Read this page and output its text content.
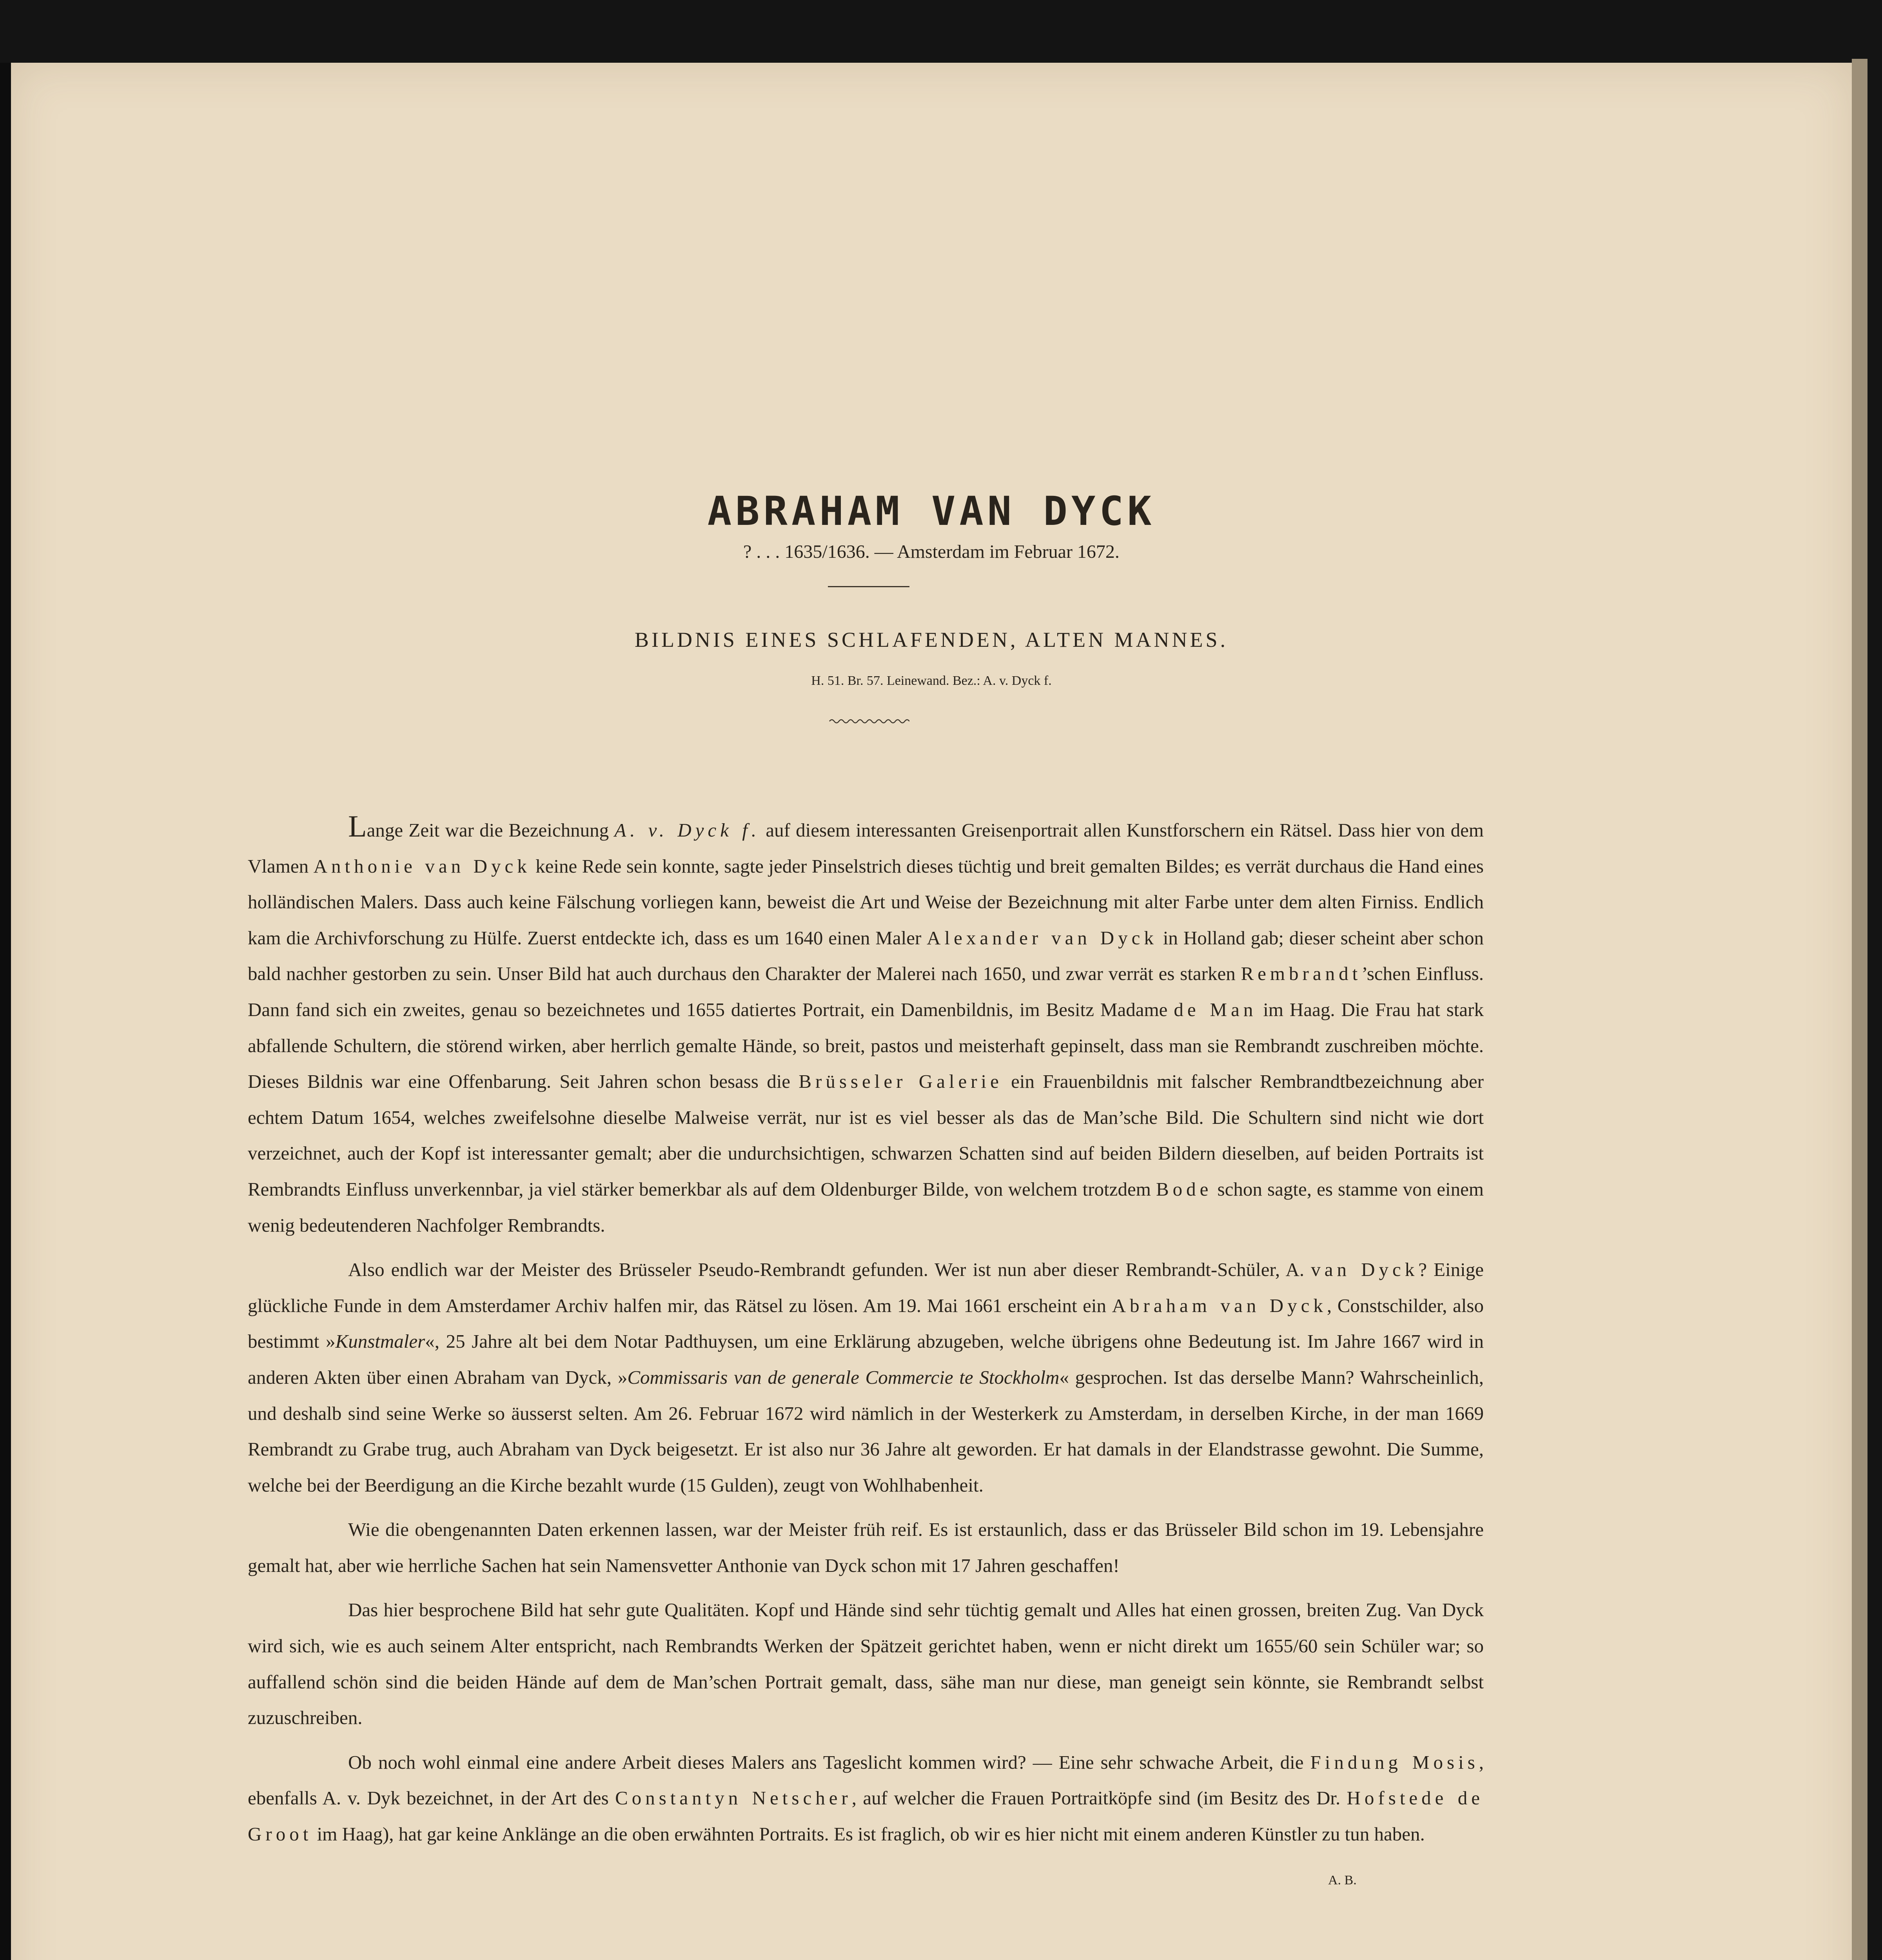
ABRAHAM VAN DYCK
? . . . 1635/1636. — Amsterdam im Februar 1672.
BILDNIS EINES SCHLAFENDEN, ALTEN MANNES.
H. 51. Br. 57. Leinewand. Bez.: A. v. Dyck f.

Lange Zeit war die Bezeichnung A. v. Dyck f. auf diesem interessanten Greisenportrait allen Kunstforschern ein Rätsel. Dass hier von dem Vlamen Anthonie van Dyck keine Rede sein konnte, sagte jeder Pinselstrich dieses tüchtig und breit gemalten Bildes; es verrät durchaus die Hand eines holländischen Malers. Dass auch keine Fälschung vorliegen kann, beweist die Art und Weise der Bezeichnung mit alter Farbe unter dem alten Firniss. Endlich kam die Archivforschung zu Hülfe. Zuerst entdeckte ich, dass es um 1640 einen Maler Alexander van Dyck in Holland gab; dieser scheint aber schon bald nachher gestorben zu sein. Unser Bild hat auch durchaus den Charakter der Malerei nach 1650, und zwar verrät es starken Rembrandt’schen Einfluss. Dann fand sich ein zweites, genau so bezeichnetes und 1655 datiertes Portrait, ein Damenbildnis, im Besitz Madame de Man im Haag. Die Frau hat stark abfallende Schultern, die störend wirken, aber herrlich gemalte Hände, so breit, pastos und meisterhaft gepinselt, dass man sie Rembrandt zuschreiben möchte. Dieses Bildnis war eine Offenbarung. Seit Jahren schon besass die Brüsseler Galerie ein Frauenbildnis mit falscher Rembrandtbezeichnung aber echtem Datum 1654, welches zweifelsohne dieselbe Malweise verrät, nur ist es viel besser als das de Man’sche Bild. Die Schultern sind nicht wie dort verzeichnet, auch der Kopf ist interessanter gemalt; aber die undurchsichtigen, schwarzen Schatten sind auf beiden Bildern dieselben, auf beiden Portraits ist Rembrandts Einfluss unverkennbar, ja viel stärker bemerkbar als auf dem Oldenburger Bilde, von welchem trotzdem Bode schon sagte, es stamme von einem wenig bedeutenderen Nachfolger Rembrandts.

Also endlich war der Meister des Brüsseler Pseudo-Rembrandt gefunden. Wer ist nun aber dieser Rembrandt-Schüler, A. van Dyck? Einige glückliche Funde in dem Amsterdamer Archiv halfen mir, das Rätsel zu lösen. Am 19. Mai 1661 erscheint ein Abraham van Dyck, Constschilder, also bestimmt »Kunstmaler«, 25 Jahre alt bei dem Notar Padthuysen, um eine Erklärung abzugeben, welche übrigens ohne Bedeutung ist. Im Jahre 1667 wird in anderen Akten über einen Abraham van Dyck, »Commissaris van de generale Commercie te Stockholm« gesprochen. Ist das derselbe Mann? Wahrscheinlich, und deshalb sind seine Werke so äusserst selten. Am 26. Februar 1672 wird nämlich in der Westerkerk zu Amsterdam, in derselben Kirche, in der man 1669 Rembrandt zu Grabe trug, auch Abraham van Dyck beigesetzt. Er ist also nur 36 Jahre alt geworden. Er hat damals in der Elandstrasse gewohnt. Die Summe, welche bei der Beerdigung an die Kirche bezahlt wurde (15 Gulden), zeugt von Wohlhabenheit.

Wie die obengenannten Daten erkennen lassen, war der Meister früh reif. Es ist erstaunlich, dass er das Brüsseler Bild schon im 19. Lebensjahre gemalt hat, aber wie herrliche Sachen hat sein Namensvetter Anthonie van Dyck schon mit 17 Jahren geschaffen!

Das hier besprochene Bild hat sehr gute Qualitäten. Kopf und Hände sind sehr tüchtig gemalt und Alles hat einen grossen, breiten Zug. Van Dyck wird sich, wie es auch seinem Alter entspricht, nach Rembrandts Werken der Spätzeit gerichtet haben, wenn er nicht direkt um 1655/60 sein Schüler war; so auffallend schön sind die beiden Hände auf dem de Man’schen Portrait gemalt, dass, sähe man nur diese, man geneigt sein könnte, sie Rembrandt selbst zuzuschreiben.

Ob noch wohl einmal eine andere Arbeit dieses Malers ans Tageslicht kommen wird? — Eine sehr schwache Arbeit, die Findung Mosis, ebenfalls A. v. Dyk bezeichnet, in der Art des Constantyn Netscher, auf welcher die Frauen Portraitköpfe sind (im Besitz des Dr. Hofstede de Groot im Haag), hat gar keine Anklänge an die oben erwähnten Portraits. Es ist fraglich, ob wir es hier nicht mit einem anderen Künstler zu tun haben.

A. B.
